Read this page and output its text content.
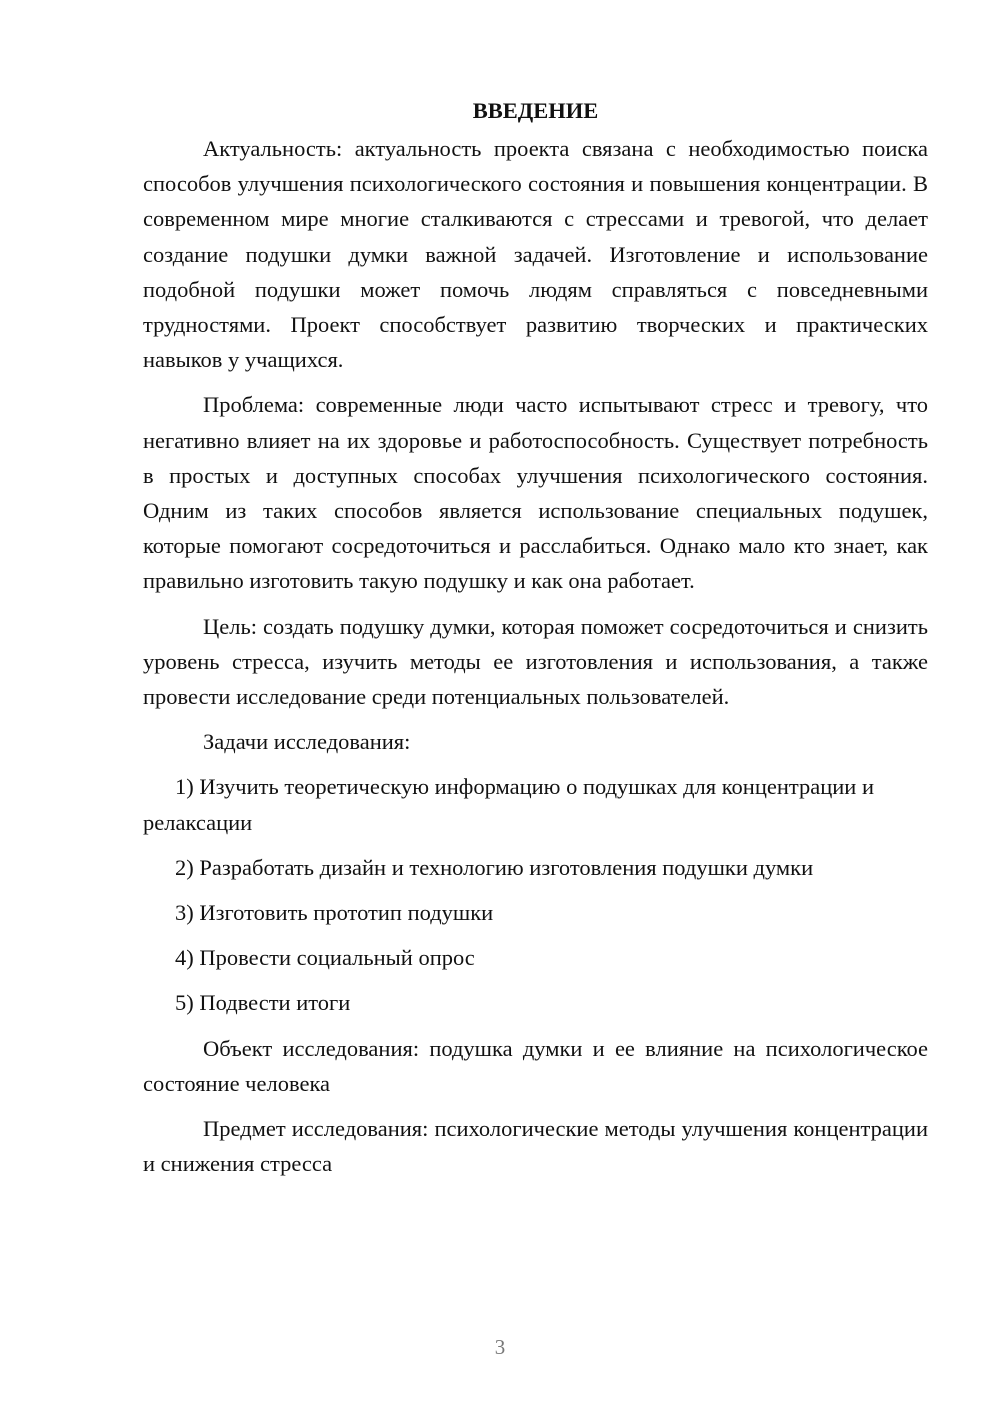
ВВЕДЕНИЕ

Актуальность: актуальность проекта связана с необходимостью поиска способов улучшения психологического состояния и повышения концентрации. В современном мире многие сталкиваются с стрессами и тревогой, что делает создание подушки думки важной задачей. Изготовление и использование подобной подушки может помочь людям справляться с повседневными трудностями. Проект способствует развитию творческих и практических навыков у учащихся.

Проблема: современные люди часто испытывают стресс и тревогу, что негативно влияет на их здоровье и работоспособность. Существует потребность в простых и доступных способах улучшения психологического состояния. Одним из таких способов является использование специальных подушек, которые помогают сосредоточиться и расслабиться. Однако мало кто знает, как правильно изготовить такую подушку и как она работает.

Цель: создать подушку думки, которая поможет сосредоточиться и снизить уровень стресса, изучить методы ее изготовления и использования, а также провести исследование среди потенциальных пользователей.

Задачи исследования:

1) Изучить теоретическую информацию о подушках для концентрации и релаксации

2) Разработать дизайн и технологию изготовления подушки думки

3) Изготовить прототип подушки

4) Провести социальный опрос

5) Подвести итоги

Объект исследования: подушка думки и ее влияние на психологическое состояние человека

Предмет исследования: психологические методы улучшения концентрации и снижения стресса

3
